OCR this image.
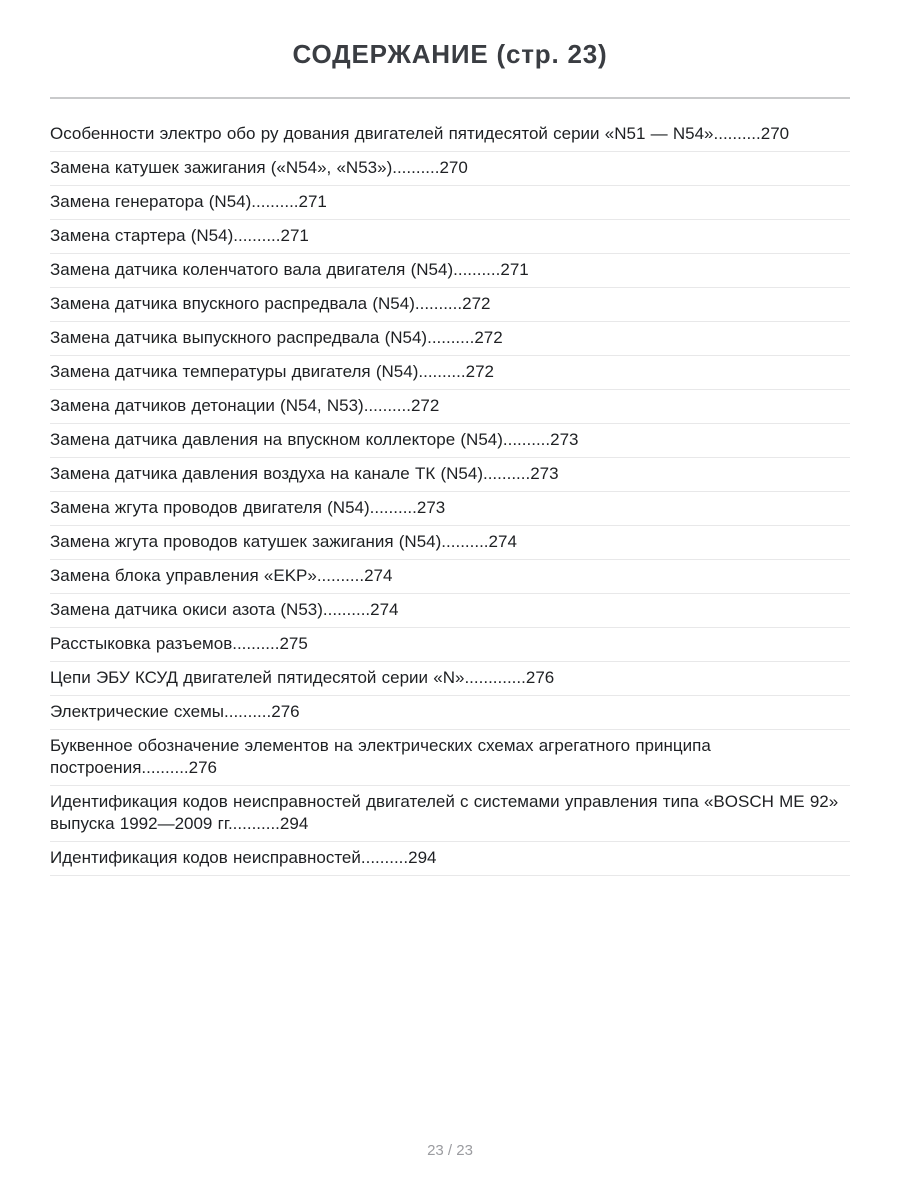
СОДЕРЖАНИЕ (стр. 23)
Особенности электро обо ру дования двигателей пятидесятой серии «N51 — N54»..........270
Замена катушек зажигания («N54», «N53»)..........270
Замена генератора (N54)..........271
Замена стартера (N54)..........271
Замена датчика коленчатого вала двигателя (N54)..........271
Замена датчика впускного распредвала (N54)..........272
Замена датчика выпускного распредвала (N54)..........272
Замена датчика температуры двигателя (N54)..........272
Замена датчиков детонации (N54, N53)..........272
Замена датчика давления на впускном коллекторе (N54)..........273
Замена датчика давления воздуха на канале ТК (N54)..........273
Замена жгута проводов двигателя (N54)..........273
Замена жгута проводов катушек зажигания (N54)..........274
Замена блока управления «EKP»..........274
Замена датчика окиси азота (N53)..........274
Расстыковка разъемов..........275
Цепи ЭБУ КСУД двигателей пятидесятой серии «N».............276
Электрические схемы..........276
Буквенное обозначение элементов на электрических схемах агрегатного принципа построения..........276
Идентификация кодов неисправностей двигателей с системами управления типа «BOSCH ME 92» выпуска 1992—2009 гг...........294
Идентификация кодов неисправностей..........294
23 / 23
